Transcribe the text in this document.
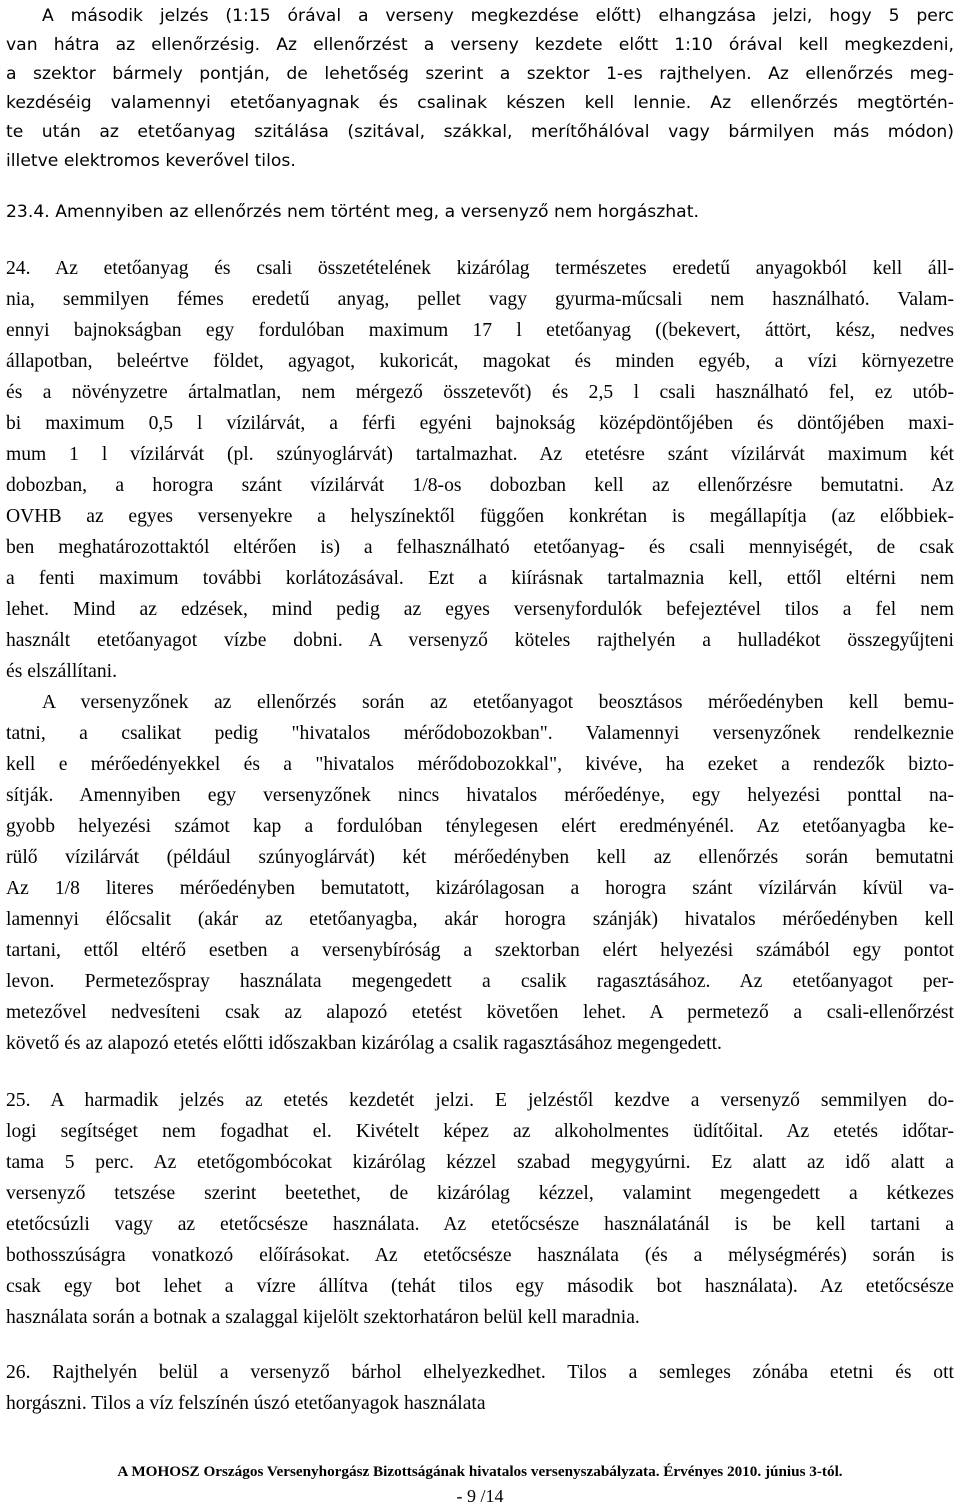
A második jelzés (1:15 órával a verseny megkezdése előtt) elhangzása jelzi, hogy 5 perc
van hátra az ellenőrzésig. Az ellenőrzést a verseny kezdete előtt 1:10 órával kell megkezdeni,
a szektor bármely pontján, de lehetőség szerint a szektor 1-es rajthelyen. Az ellenőrzés meg-
kezdéséig valamennyi etetőanyagnak és csalinak készen kell lennie. Az ellenőrzés megtörtén-
te után az etetőanyag szitálása (szitával, szákkal, merítőhálóval vagy bármilyen más módon)
illetve elektromos keverővel tilos.
23.4. Amennyiben az ellenőrzés nem történt meg, a versenyző nem horgászhat.
24. Az etetőanyag és csali összetételének kizárólag természetes eredetű anyagokból kell áll-
nia, semmilyen fémes eredetű anyag, pellet vagy gyurma-műcsali nem használható. Valam-
ennyi bajnokságban egy fordulóban maximum 17 l etetőanyag ((bekevert, áttört, kész, nedves
állapotban, beleértve földet, agyagot, kukoricát, magokat és minden egyéb, a vízi környezetre
és a növényzetre ártalmatlan, nem mérgező összetevőt) és 2,5 l csali használható fel, ez utób-
bi maximum 0,5 l vízilárvát, a férfi egyéni bajnokság középdöntőjében és döntőjében maxi-
mum 1 l vízilárvát (pl. szúnyoglárvát) tartalmazhat. Az etetésre szánt vízilárvát maximum két
dobozban, a horogra szánt vízilárvát 1/8-os dobozban kell az ellenőrzésre bemutatni. Az
OVHB az egyes versenyekre a helyszínektől függően konkrétan is megállapítja (az előbbiek-
ben meghatározottaktól eltérően is) a felhasználható etetőanyag- és csali mennyiségét, de csak
a fenti maximum további korlátozásával. Ezt a kiírásnak tartalmaznia kell, ettől eltérni nem
lehet. Mind az edzések, mind pedig az egyes versenyfordulók befejeztével tilos a fel nem
használt etetőanyagot vízbe dobni. A versenyző köteles rajthelyén a hulladékot összegyűjteni
és elszállítani.
A versenyzőnek az ellenőrzés során az etetőanyagot beosztásos mérőedényben kell bemu-
tatni, a csalikat pedig "hivatalos mérődobozokban". Valamennyi versenyzőnek rendelkeznie
kell e mérőedényekkel és a "hivatalos mérődobozokkal", kivéve, ha ezeket a rendezők bizto-
sítják. Amennyiben egy versenyzőnek nincs hivatalos mérőedénye, egy helyezési ponttal na-
gyobb helyezési számot kap a fordulóban ténylegesen elért eredményénél. Az etetőanyagba ke-
rülő vízilárvát (például szúnyoglárvát) két mérőedényben kell az ellenőrzés során bemutatni
Az 1/8 literes mérőedényben bemutatott, kizárólagosan a horogra szánt vízilárván kívül va-
lamennyi élőcsalit (akár az etetőanyagba, akár horogra szánják) hivatalos mérőedényben kell
tartani, ettől eltérő esetben a versenybíróság a szektorban elért helyezési számából egy pontot
levon. Permetezőspray használata megengedett a csalik ragasztásához. Az etetőanyagot per-
metezővel nedvesíteni csak az alapozó etetést követően lehet. A permetező a csali-ellenőrzést
követő és az alapozó etetés előtti időszakban kizárólag a csalik ragasztásához megengedett.
25. A harmadik jelzés az etetés kezdetét jelzi. E jelzéstől kezdve a versenyző semmilyen do-
logi segítséget nem fogadhat el. Kivételt képez az alkoholmentes üdítőital. Az etetés időtar-
tama 5 perc. Az etetőgombócokat kizárólag kézzel szabad megygyúrni. Ez alatt az idő alatt a
versenyző tetszése szerint beetethet, de kizárólag kézzel, valamint megengedett a kétkezes
etetőcsúzli vagy az etetőcsésze használata. Az etetőcsésze használatánál is be kell tartani a
bothosszúságra vonatkozó előírásokat. Az etetőcsésze használata (és a mélységmérés) során is
csak egy bot lehet a vízre állítva (tehát tilos egy második bot használata). Az etetőcsésze
használata során a botnak a szalaggal kijelölt szektorhatáron belül kell maradnia.
26. Rajthelyén belül a versenyző bárhol elhelyezkedhet. Tilos a semleges zónába etetni és ott
horgászni. Tilos a víz felszínén úszó etetőanyagok használata
A MOHOSZ Országos Versenyhorgász Bizottságának hivatalos versenyszabályzata. Érvényes 2010. június 3-tól.
- 9 /14
